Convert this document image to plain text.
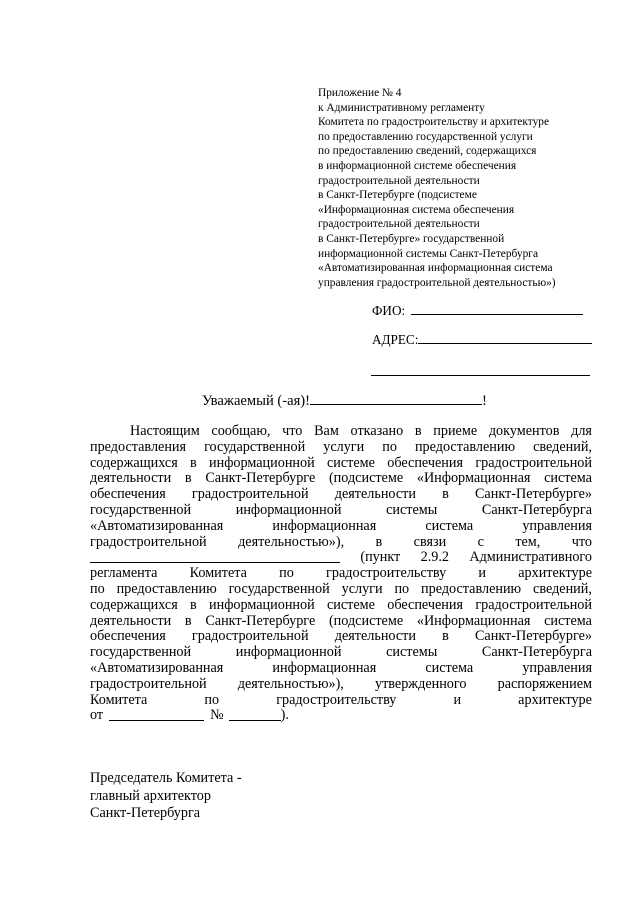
Приложение № 4
к Административному регламенту
Комитета по градостроительству и архитектуре
по предоставлению государственной услуги
по предоставлению сведений, содержащихся
в информационной системе обеспечения
градостроительной деятельности
в Санкт-Петербурге (подсистеме
«Информационная система обеспечения
градостроительной деятельности
в Санкт-Петербурге» государственной
информационной системы Санкт-Петербурга
«Автоматизированная информационная система
управления градостроительной деятельностью»)
ФИО:
АДРЕС:
Уважаемый (-ая)!	!
Настоящим сообщаю, что Вам отказано в приеме документов для
предоставления государственной услуги по предоставлению сведений,
содержащихся в информационной системе обеспечения градостроительной
деятельности в Санкт-Петербурге (подсистеме «Информационная система
обеспечения градостроительной деятельности в Санкт-Петербурге»
государственной	информационной	системы	Санкт-Петербурга
«Автоматизированная	информационная	система	управления
градостроительной деятельностью»), в связи с тем, что
(пункт 2.9.2 Административного
регламента Комитета по градостроительству и архитектуре
по предоставлению государственной услуги по предоставлению сведений,
содержащихся в информационной системе обеспечения градостроительной
деятельности в Санкт-Петербурге (подсистеме «Информационная система
обеспечения градостроительной деятельности в Санкт-Петербурге»
государственной	информационной	системы	Санкт-Петербурга
«Автоматизированная	информационная	система	управления
градостроительной деятельностью»), утвержденного распоряжением
Комитета	по	градостроительству	и	архитектуре
от	№	).
Председатель Комитета -
главный архитектор
Санкт-Петербурга
